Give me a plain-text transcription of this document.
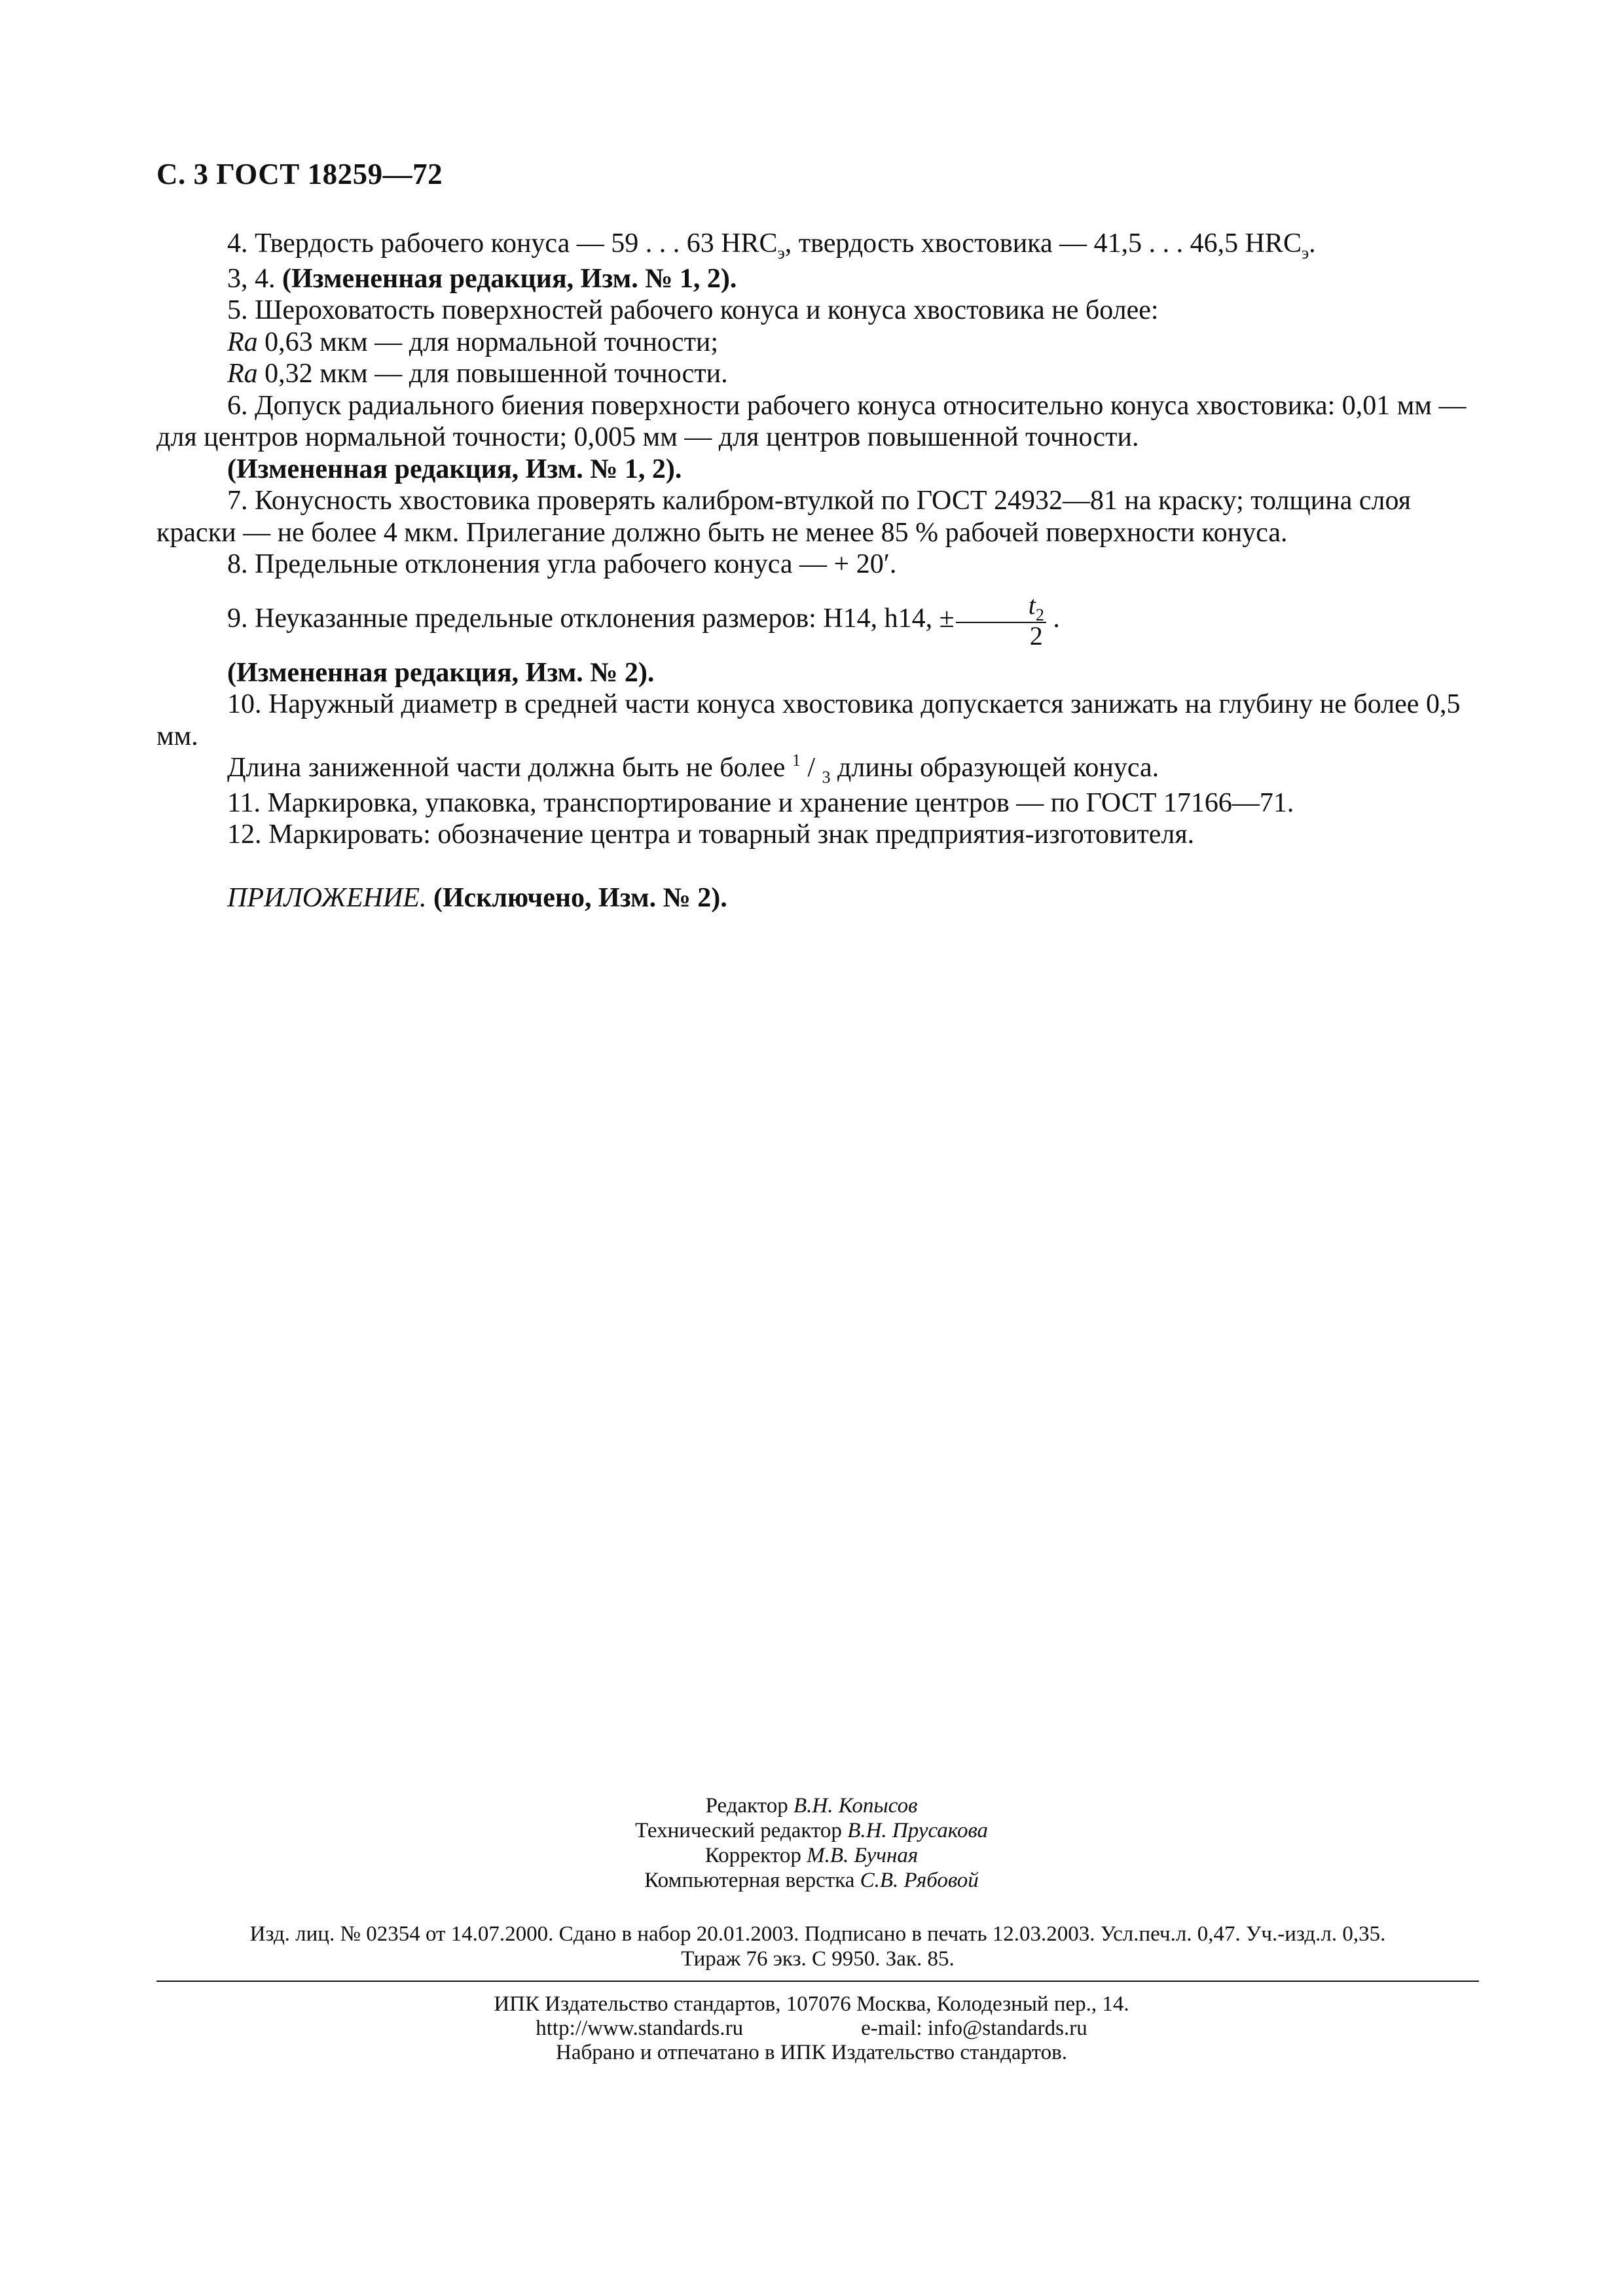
С. 3 ГОСТ 18259—72

4. Твердость рабочего конуса — 59 . . . 63 $HRC_э$, твердость хвостовика — 41,5 . . . 46,5 $HRC_э$.

3, 4. (Измененная редакция, Изм. № 1, 2).

5. Шероховатость поверхностей рабочего конуса и конуса хвостовика не более:

Ra 0,63 мкм — для нормальной точности;

Ra 0,32 мкм — для повышенной точности.

6. Допуск радиального биения поверхности рабочего конуса относительно конуса хвостовика: 0,01 мм — для центров нормальной точности; 0,005 мм — для центров повышенной точности.

(Измененная редакция, Изм. № 1, 2).

7. Конусность хвостовика проверять калибром-втулкой по ГОСТ 24932—81 на краску; толщина слоя краски — не более 4 мкм. Прилегание должно быть не менее 85 % рабочей поверхности конуса.

8. Предельные отклонения угла рабочего конуса — + 20′.

9. Неуказанные предельные отклонения размеров: Н14, h14, ± $\frac{t_2}{2}$ .

(Измененная редакция, Изм. № 2).

10. Наружный диаметр в средней части конуса хвостовика допускается занижать на глубину не более 0,5 мм.

Длина заниженной части должна быть не более $^1$ / $_3$ длины образующей конуса.

11. Маркировка, упаковка, транспортирование и хранение центров — по ГОСТ 17166—71.

12. Маркировать: обозначение центра и товарный знак предприятия-изготовителя.

ПРИЛОЖЕНИЕ. (Исключено, Изм. № 2).

Редактор В.Н. Копысов
Технический редактор В.Н. Прусакова
Корректор М.В. Бучная
Компьютерная верстка С.В. Рябовой
Изд. лиц. № 02354 от 14.07.2000. Сдано в набор 20.01.2003. Подписано в печать 12.03.2003. Усл.печ.л. 0,47. Уч.-изд.л. 0,35.
Тираж 76 экз. С 9950. Зак. 85.
ИПК Издательство стандартов, 107076 Москва, Колодезный пер., 14.
http://www.standards.ru	e-mail: info@standards.ru
Набрано и отпечатано в ИПК Издательство стандартов.
